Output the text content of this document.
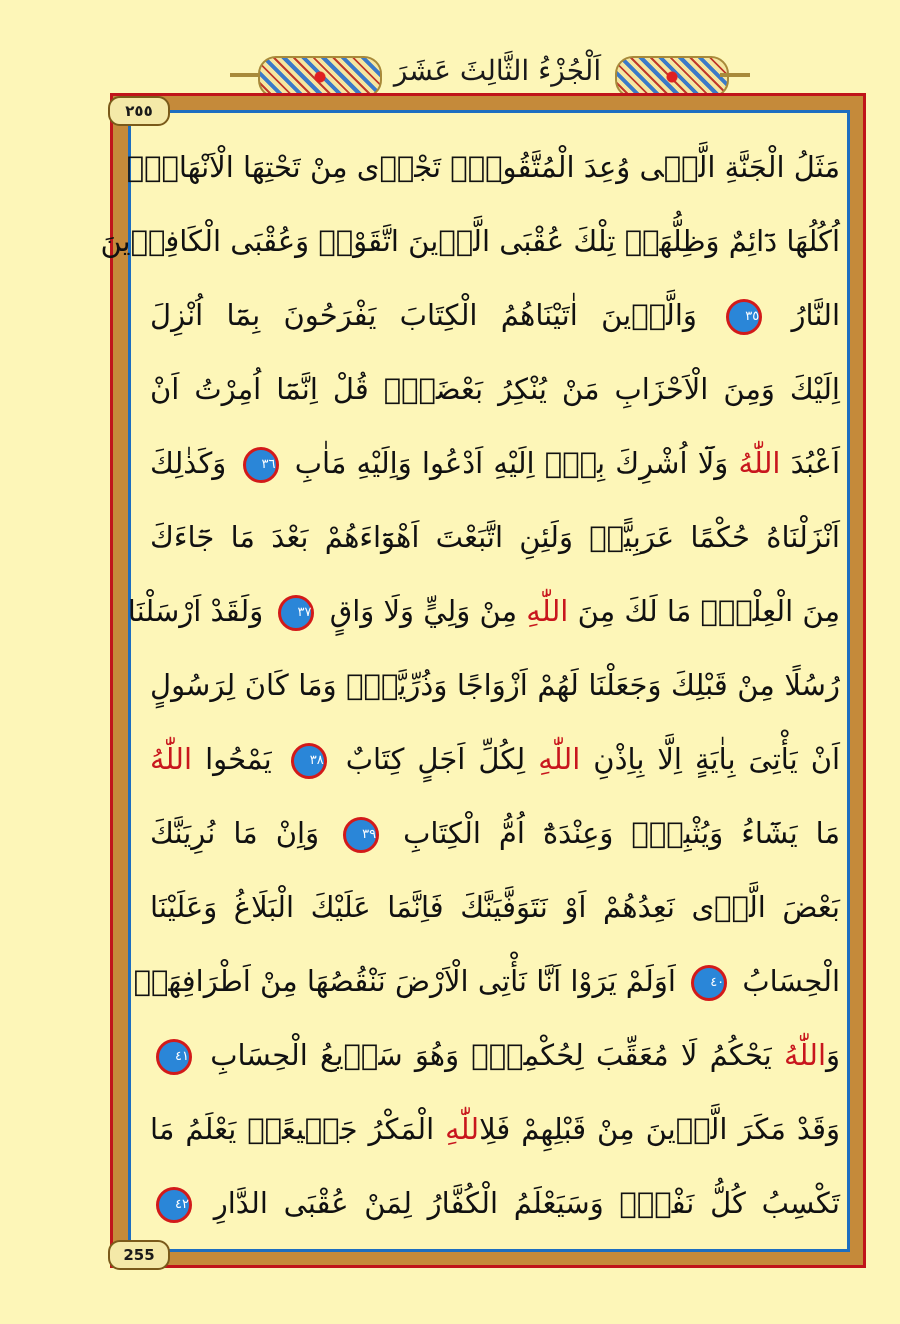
اَلْجُزْءُ الثَّالِثَ عَشَرَ
٢٥٥
255
مَثَلُ الْجَنَّةِ الَّتٖى وُعِدَ الْمُتَّقُونَۜ تَجْرٖى مِنْ تَحْتِهَا الْاَنْهَارُۜ
اُكُلُهَا دَٓائِمٌ وَظِلُّهَاۜ تِلْكَ عُقْبَى الَّذٖينَ اتَّقَوْاۗ وَعُقْبَى الْكَافِرٖينَ
النَّارُ ٣٥ وَالَّذٖينَ اٰتَيْنَاهُمُ الْكِتَابَ يَفْرَحُونَ بِمَٓا اُنْزِلَ
اِلَيْكَ وَمِنَ الْاَحْزَابِ مَنْ يُنْكِرُ بَعْضَهُۜ قُلْ اِنَّمَٓا اُمِرْتُ اَنْ
اَعْبُدَ اللّٰهُ وَلَٓا اُشْرِكَ بِهٖۜ اِلَيْهِ اَدْعُوا وَاِلَيْهِ مَاٰبِ ٣٦ وَكَذٰلِكَ
اَنْزَلْنَاهُ حُكْمًا عَرَبِيًّاۜ وَلَئِنِ اتَّبَعْتَ اَهْوَٓاءَهُمْ بَعْدَ مَا جَٓاءَكَ
مِنَ الْعِلْمِۙ مَا لَكَ مِنَ اللّٰهِ مِنْ وَلِيٍّ وَلَا وَاقٍ ٣٧ وَلَقَدْ اَرْسَلْنَا
رُسُلًا مِنْ قَبْلِكَ وَجَعَلْنَا لَهُمْ اَزْوَاجًا وَذُرِّيَّةًۜ وَمَا كَانَ لِرَسُولٍ
اَنْ يَأْتِىَ بِاٰيَةٍ اِلَّا بِاِذْنِ اللّٰهِ لِكُلِّ اَجَلٍ كِتَابٌ ٣٨ يَمْحُوا اللّٰهُ
مَا يَشَٓاءُ وَيُثْبِتُۚ وَعِنْدَهُٓ اُمُّ الْكِتَابِ ٣٩ وَاِنْ مَا نُرِيَنَّكَ
بَعْضَ الَّذٖى نَعِدُهُمْ اَوْ نَتَوَفَّيَنَّكَ فَاِنَّمَا عَلَيْكَ الْبَلَاغُ وَعَلَيْنَا
الْحِسَابُ ٤٠ اَوَلَمْ يَرَوْا اَنَّا نَأْتِى الْاَرْضَ نَنْقُصُهَا مِنْ اَطْرَافِهَاۜ
وَاللّٰهُ يَحْكُمُ لَا مُعَقِّبَ لِحُكْمِهٖۜ وَهُوَ سَرٖيعُ الْحِسَابِ ٤١
وَقَدْ مَكَرَ الَّذٖينَ مِنْ قَبْلِهِمْ فَلِاللّٰهِ الْمَكْرُ جَمٖيعًاۜ يَعْلَمُ مَا
تَكْسِبُ كُلُّ نَفْسٍۜ وَسَيَعْلَمُ الْكُفَّارُ لِمَنْ عُقْبَى الدَّارِ ٤٢
